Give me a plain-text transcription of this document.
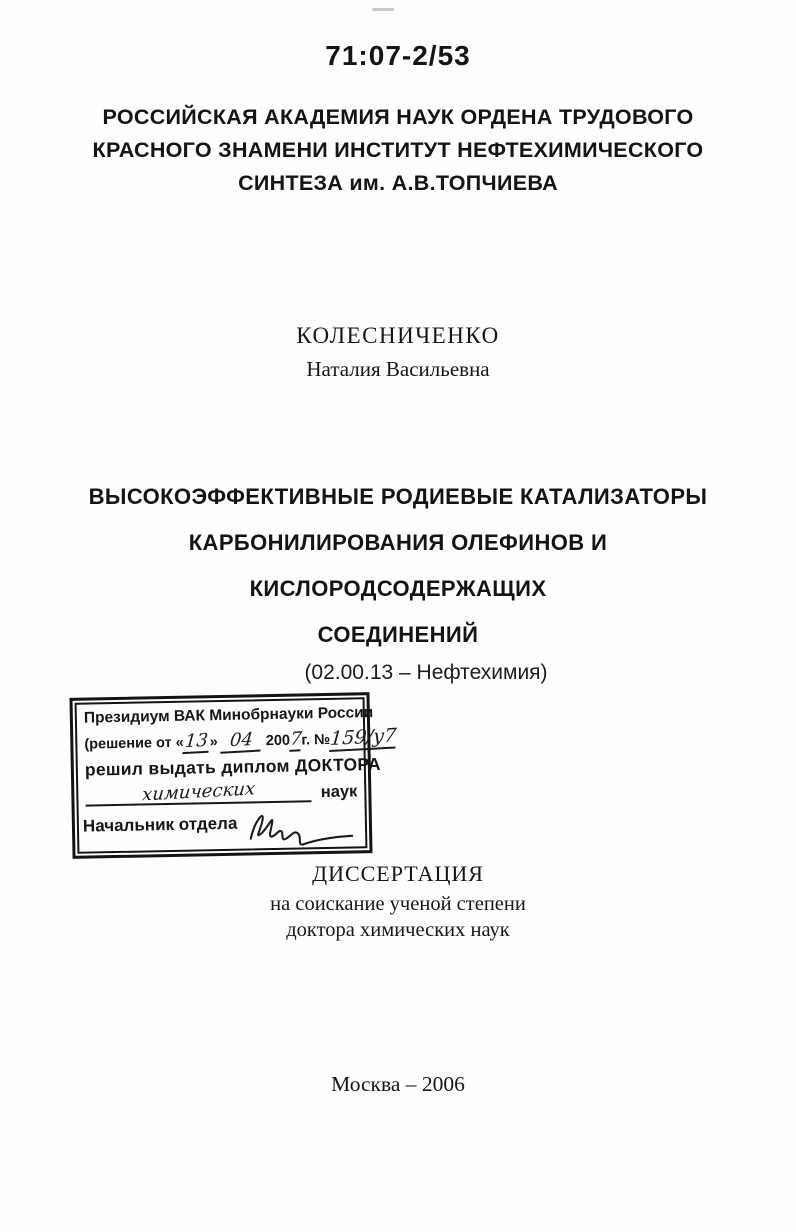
71:07-2/53
РОССИЙСКАЯ АКАДЕМИЯ НАУК ОРДЕНА ТРУДОВОГО
КРАСНОГО ЗНАМЕНИ ИНСТИТУТ НЕФТЕХИМИЧЕСКОГО
СИНТЕЗА им. А.В.ТОПЧИЕВА
КОЛЕСНИЧЕНКО
Наталия Васильевна
ВЫСОКОЭФФЕКТИВНЫЕ РОДИЕВЫЕ КАТАЛИЗАТОРЫ
КАРБОНИЛИРОВАНИЯ ОЛЕФИНОВ И КИСЛОРОДСОДЕРЖАЩИХ
СОЕДИНЕНИЙ
(02.00.13 – Нефтехимия)
Президиум ВАК Минобрнауки России
(решение от «13» 04 2007г. №159/у7
решил выдать диплом ДОКТОРА
химических	наук
Начальник отдела
ДИССЕРТАЦИЯ
на соискание ученой степени
доктора химических наук
Москва – 2006
